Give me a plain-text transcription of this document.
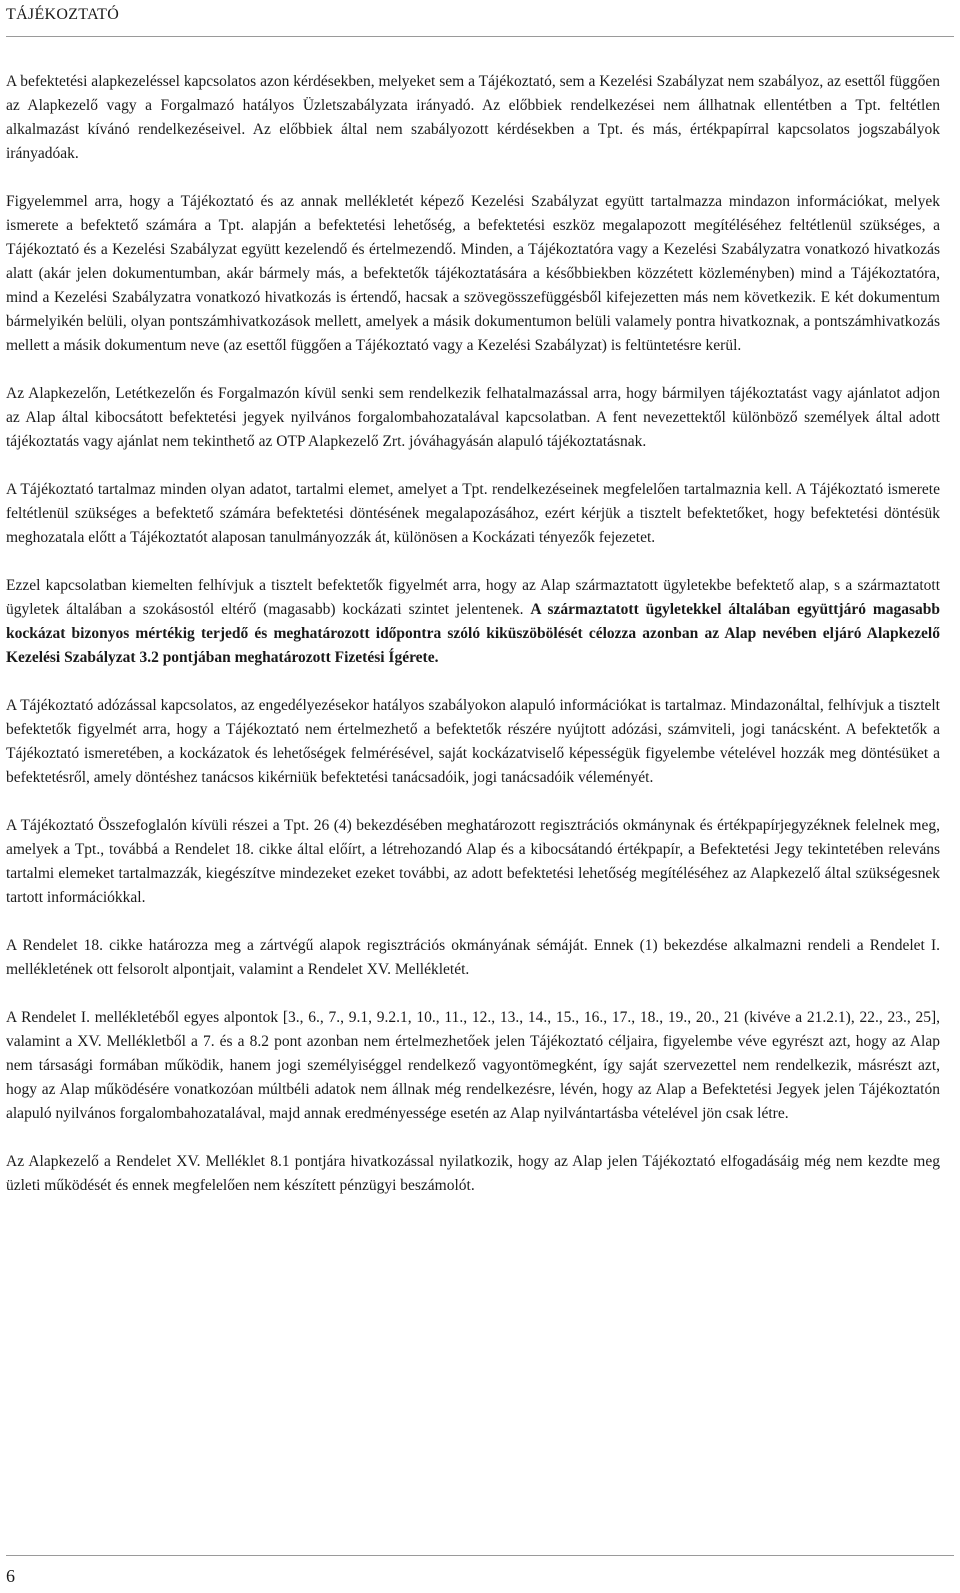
TÁJÉKOZTATÓ

A befektetési alapkezeléssel kapcsolatos azon kérdésekben, melyeket sem a Tájékoztató, sem a Kezelési Szabályzat nem szabályoz, az esettől függően az Alapkezelő vagy a Forgalmazó hatályos Üzletszabályzata irányadó. Az előbbiek rendelkezései nem állhatnak ellentétben a Tpt. feltétlen alkalmazást kívánó rendelkezéseivel. Az előbbiek által nem szabályozott kérdésekben a Tpt. és más, értékpapírral kapcsolatos jogszabályok irányadóak.

Figyelemmel arra, hogy a Tájékoztató és az annak mellékletét képező Kezelési Szabályzat együtt tartalmazza mindazon információkat, melyek ismerete a befektető számára a Tpt. alapján a befektetési lehetőség, a befektetési eszköz megalapozott megítéléséhez feltétlenül szükséges, a Tájékoztató és a Kezelési Szabályzat együtt kezelendő és értelmezendő. Minden, a Tájékoztatóra vagy a Kezelési Szabályzatra vonatkozó hivatkozás alatt (akár jelen dokumentumban, akár bármely más, a befektetők tájékoztatására a későbbiekben közzétett közleményben) mind a Tájékoztatóra, mind a Kezelési Szabályzatra vonatkozó hivatkozás is értendő, hacsak a szövegösszefüggésből kifejezetten más nem következik. E két dokumentum bármelyikén belüli, olyan pontszámhivatkozások mellett, amelyek a másik dokumentumon belüli valamely pontra hivatkoznak, a pontszámhivatkozás mellett a másik dokumentum neve (az esettől függően a Tájékoztató vagy a Kezelési Szabályzat) is feltüntetésre kerül.

Az Alapkezelőn, Letétkezelőn és Forgalmazón kívül senki sem rendelkezik felhatalmazással arra, hogy bármilyen tájékoztatást vagy ajánlatot adjon az Alap által kibocsátott befektetési jegyek nyilvános forgalombahozatalával kapcsolatban. A fent nevezettektől különböző személyek által adott tájékoztatás vagy ajánlat nem tekinthető az OTP Alapkezelő Zrt. jóváhagyásán alapuló tájékoztatásnak.

A Tájékoztató tartalmaz minden olyan adatot, tartalmi elemet, amelyet a Tpt. rendelkezéseinek megfelelően tartalmaznia kell. A Tájékoztató ismerete feltétlenül szükséges a befektető számára befektetési döntésének megalapozásához, ezért kérjük a tisztelt befektetőket, hogy befektetési döntésük meghozatala előtt a Tájékoztatót alaposan tanulmányozzák át, különösen a Kockázati tényezők fejezetet.

Ezzel kapcsolatban kiemelten felhívjuk a tisztelt befektetők figyelmét arra, hogy az Alap származtatott ügyletekbe befektető alap, s a származtatott ügyletek általában a szokásostól eltérő (magasabb) kockázati szintet jelentenek. A származtatott ügyletekkel általában együttjáró magasabb kockázat bizonyos mértékig terjedő és meghatározott időpontra szóló kiküszöbölését célozza azonban az Alap nevében eljáró Alapkezelő Kezelési Szabályzat 3.2 pontjában meghatározott Fizetési Ígérete.

A Tájékoztató adózással kapcsolatos, az engedélyezésekor hatályos szabályokon alapuló információkat is tartalmaz. Mindazonáltal, felhívjuk a tisztelt befektetők figyelmét arra, hogy a Tájékoztató nem értelmezhető a befektetők részére nyújtott adózási, számviteli, jogi tanácsként. A befektetők a Tájékoztató ismeretében, a kockázatok és lehetőségek felmérésével, saját kockázatviselő képességük figyelembe vételével hozzák meg döntésüket a befektetésről, amely döntéshez tanácsos kikérniük befektetési tanácsadóik, jogi tanácsadóik véleményét.

A Tájékoztató Összefoglalón kívüli részei a Tpt. 26 (4) bekezdésében meghatározott regisztrációs okmánynak és értékpapírjegyzéknek felelnek meg, amelyek a Tpt., továbbá a Rendelet 18. cikke által előírt, a létrehozandó Alap és a kibocsátandó értékpapír, a Befektetési Jegy tekintetében releváns tartalmi elemeket tartalmazzák, kiegészítve mindezeket ezeket további, az adott befektetési lehetőség megítéléséhez az Alapkezelő által szükségesnek tartott információkkal.

A Rendelet 18. cikke határozza meg a zártvégű alapok regisztrációs okmányának sémáját. Ennek (1) bekezdése alkalmazni rendeli a Rendelet I. mellékletének ott felsorolt alpontjait, valamint a Rendelet XV. Mellékletét.

A Rendelet I. mellékletéből egyes alpontok [3., 6., 7., 9.1, 9.2.1, 10., 11., 12., 13., 14., 15., 16., 17., 18., 19., 20., 21 (kivéve a 21.2.1), 22., 23., 25], valamint a XV. Mellékletből a 7. és a 8.2 pont azonban nem értelmezhetőek jelen Tájékoztató céljaira, figyelembe véve egyrészt azt, hogy az Alap nem társasági formában működik, hanem jogi személyiséggel rendelkező vagyontömegként, így saját szervezettel nem rendelkezik, másrészt azt, hogy az Alap működésére vonatkozóan múltbéli adatok nem állnak még rendelkezésre, lévén, hogy az Alap a Befektetési Jegyek jelen Tájékoztatón alapuló nyilvános forgalombahozatalával, majd annak eredményessége esetén az Alap nyilvántartásba vételével jön csak létre.

Az Alapkezelő a Rendelet XV. Melléklet 8.1 pontjára hivatkozással nyilatkozik, hogy az Alap jelen Tájékoztató elfogadásáig még nem kezdte meg üzleti működését és ennek megfelelően nem készített pénzügyi beszámolót.

6
